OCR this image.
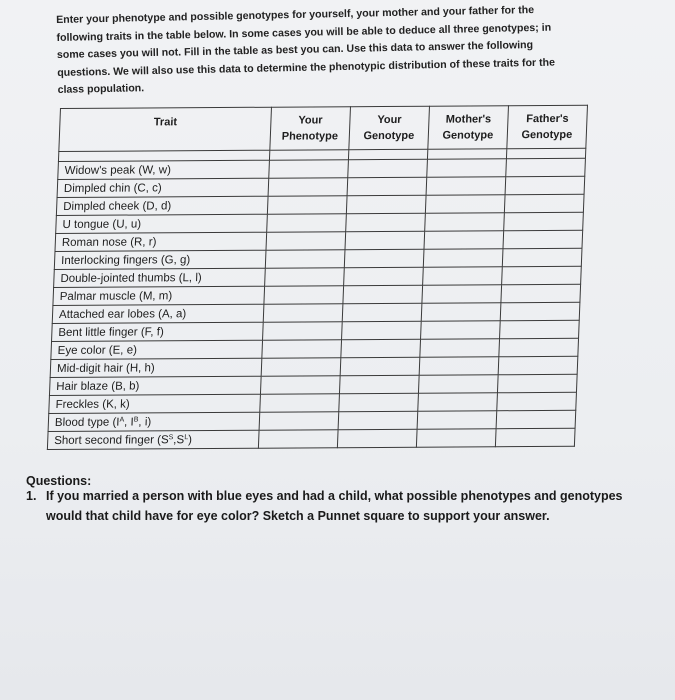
Enter your phenotype and possible genotypes for yourself, your mother and your father for the following traits in the table below. In some cases you will be able to deduce all three genotypes; in some cases you will not. Fill in the table as best you can. Use this data to answer the following questions. We will also use this data to determine the phenotypic distribution of these traits for the class population.

Trait	Your Phenotype	Your Genotype	Mother's Genotype	Father's Genotype

Widow's peak (W, w)				
Dimpled chin (C, c)				
Dimpled cheek (D, d)				
U tongue (U, u)				
Roman nose (R, r)				
Interlocking fingers (G, g)				
Double-jointed thumbs (L, l)				
Palmar muscle (M, m)				
Attached ear lobes (A, a)				
Bent little finger (F, f)				
Eye color (E, e)				
Mid-digit hair (H, h)				
Hair blaze (B, b)				
Freckles (K, k)				
Blood type ($I^A$, $I^B$, i)				
Short second finger $(S^S,S^L)$				

Questions:

1. If you married a person with blue eyes and had a child, what possible phenotypes and genotypes would that child have for eye color? Sketch a Punnet square to support your answer.
